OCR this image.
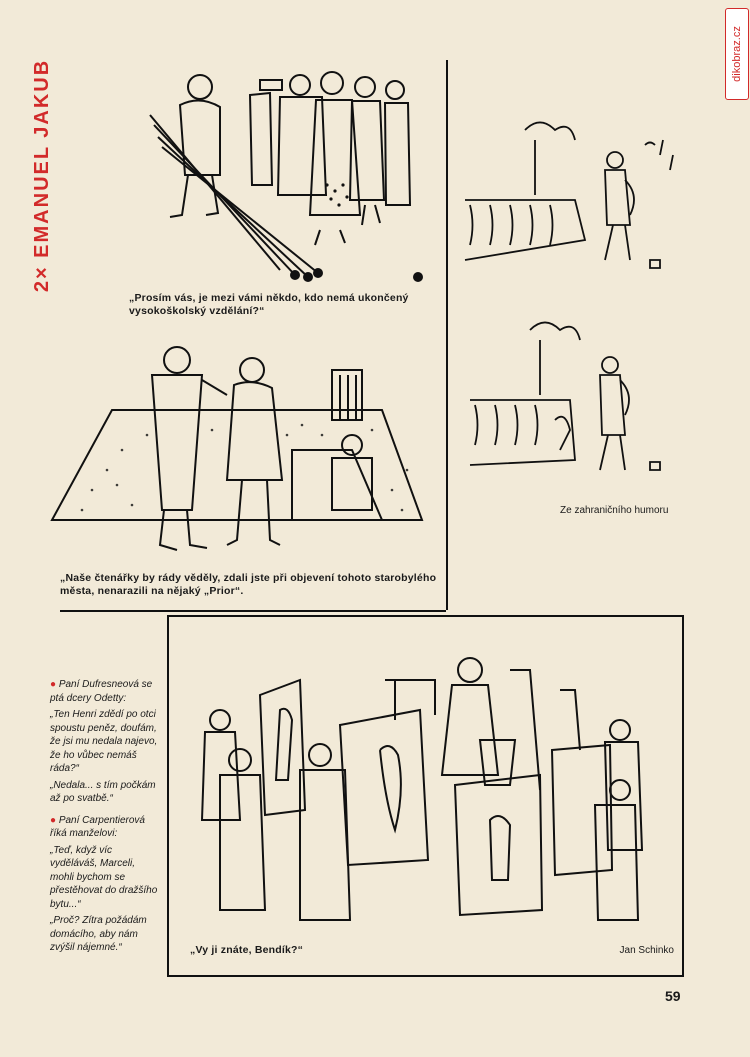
2× EMANUEL JAKUB
dikobraz.cz
„Prosím vás, je mezi vámi někdo, kdo nemá ukončený vysokoškolský vzdělání?“
„Naše čtenářky by rády věděly, zdali jste při objevení tohoto starobylého města, nenarazili na nějaký „Prior“.
Ze zahraničního humoru

● Paní Dufresneová se ptá dcery Odetty:

„Ten Henri zdědí po otci spoustu peněz, doufám, že jsi mu nedala najevo, že ho vůbec nemáš ráda?“

„Nedala... s tím počkám až po svatbě.“

● Paní Carpentierová říká manželovi:

„Teď, když víc vyděláváš, Marceli, mohli bychom se přestěhovat do dražšího bytu...“

„Proč? Zítra požádám domácího, aby nám zvýšil nájemné.“	„Vy ji znáte, Bendík?“	Jan Schinko
59
